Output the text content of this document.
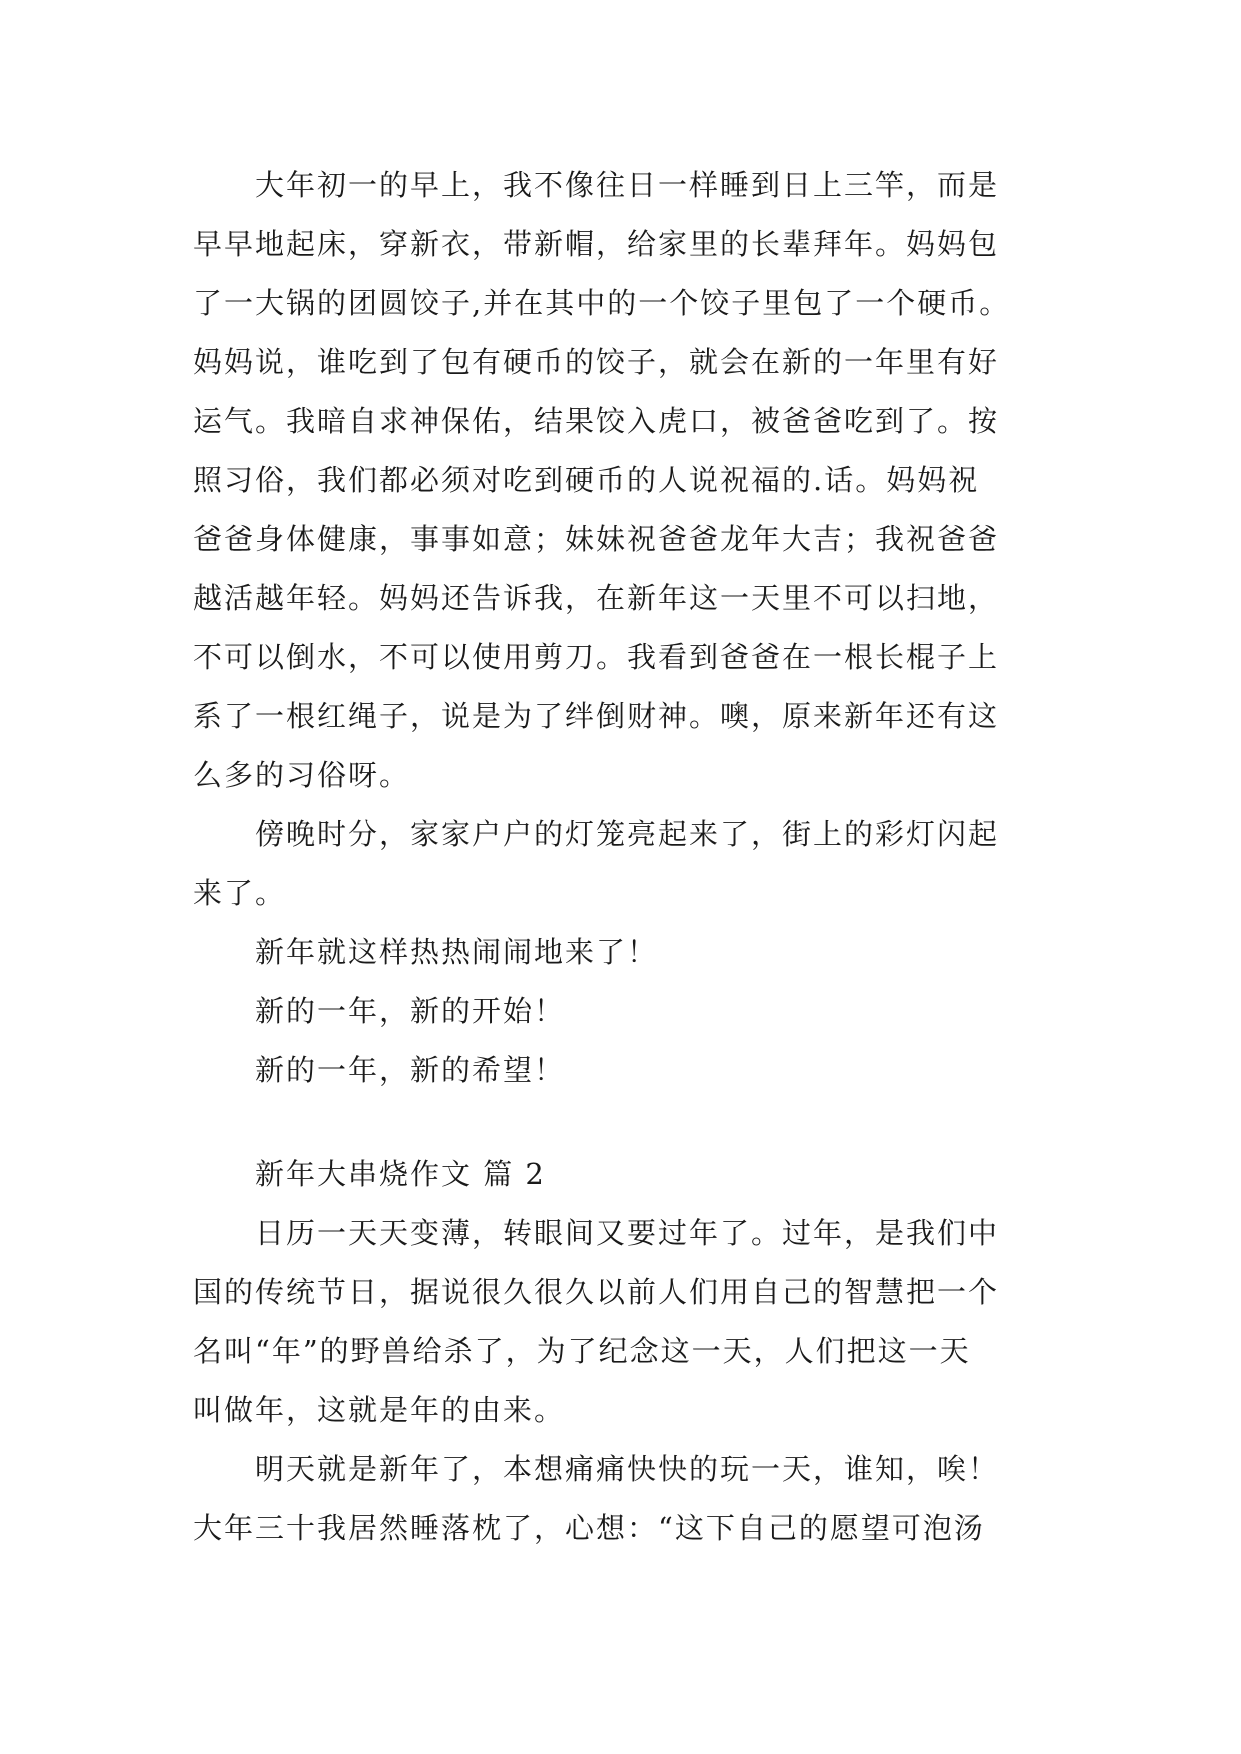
大年初一的早上，我不像往日一样睡到日上三竿，而是
早早地起床，穿新衣，带新帽，给家里的长辈拜年。妈妈包
了一大锅的团圆饺子,并在其中的一个饺子里包了一个硬币。
妈妈说，谁吃到了包有硬币的饺子，就会在新的一年里有好
运气。我暗自求神保佑，结果饺入虎口，被爸爸吃到了。按
照习俗，我们都必须对吃到硬币的人说祝福的.话。妈妈祝
爸爸身体健康，事事如意；妹妹祝爸爸龙年大吉；我祝爸爸
越活越年轻。妈妈还告诉我，在新年这一天里不可以扫地，
不可以倒水，不可以使用剪刀。我看到爸爸在一根长棍子上
系了一根红绳子，说是为了绊倒财神。噢，原来新年还有这
么多的习俗呀。
傍晚时分，家家户户的灯笼亮起来了，街上的彩灯闪起
来了。
新年就这样热热闹闹地来了！
新的一年，新的开始！
新的一年，新的希望！
新年大串烧作文 篇 2
日历一天天变薄，转眼间又要过年了。过年，是我们中
国的传统节日，据说很久很久以前人们用自己的智慧把一个
名叫“年”的野兽给杀了，为了纪念这一天，人们把这一天
叫做年，这就是年的由来。
明天就是新年了，本想痛痛快快的玩一天，谁知，唉！
大年三十我居然睡落枕了，心想：“这下自己的愿望可泡汤
